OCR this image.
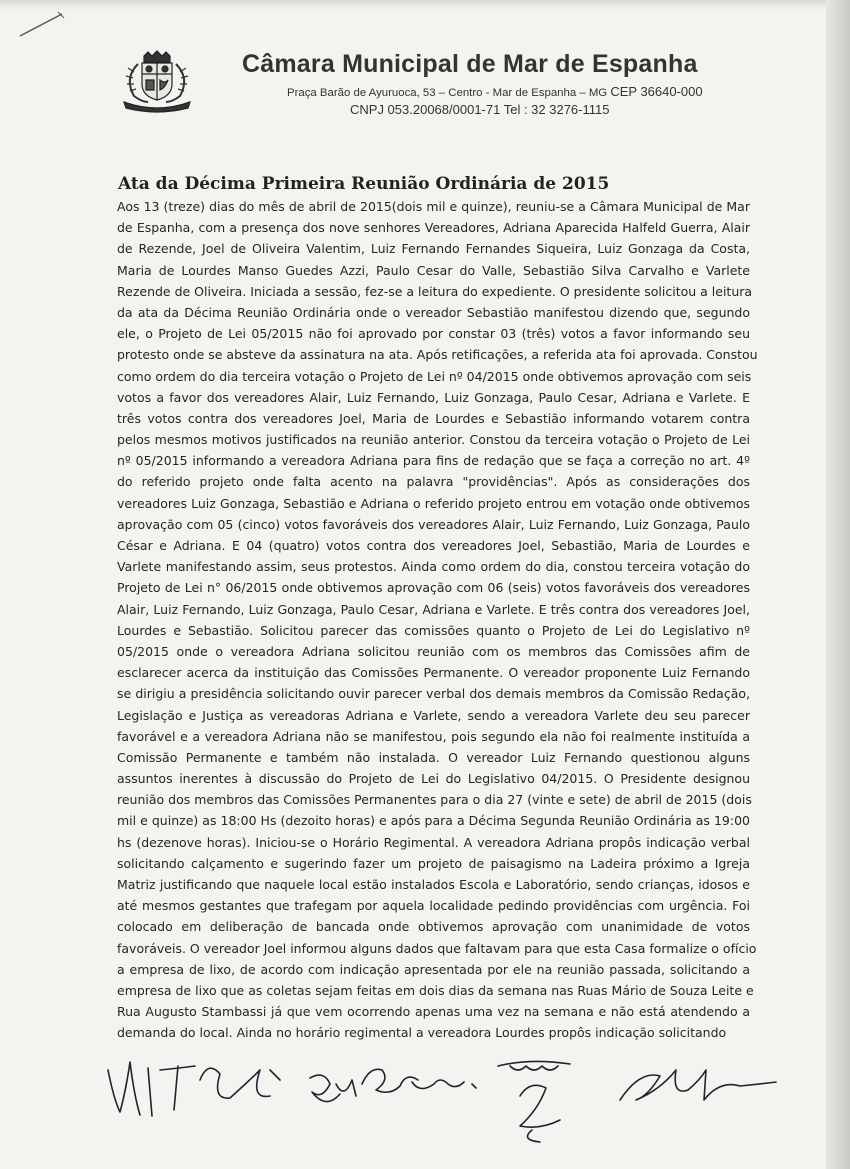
Câmara Municipal de Mar de Espanha
Praça Barão de Ayuruoca, 53 – Centro - Mar de Espanha – MG CEP 36640-000
CNPJ 053.20068/0001-71 Tel : 32 3276-1115
Ata da Décima Primeira Reunião Ordinária de 2015
Aos 13 (treze) dias do mês de abril de 2015(dois mil e quinze), reuniu-se a Câmara Municipal de Mar
de Espanha, com a presença dos nove senhores Vereadores, Adriana Aparecida Halfeld Guerra, Alair
de Rezende, Joel de Oliveira Valentim, Luiz Fernando Fernandes Siqueira, Luiz Gonzaga da Costa,
Maria de Lourdes Manso Guedes Azzi, Paulo Cesar do Valle, Sebastião Silva Carvalho e Varlete
Rezende de Oliveira. Iniciada a sessão, fez-se a leitura do expediente. O presidente solicitou a leitura
da ata da Décima Reunião Ordinária onde o vereador Sebastião manifestou dizendo que, segundo
ele, o Projeto de Lei 05/2015 não foi aprovado por constar 03 (três) votos a favor informando seu
protesto onde se absteve da assinatura na ata. Após retificações, a referida ata foi aprovada. Constou
como ordem do dia terceira votação o Projeto de Lei nº 04/2015 onde obtivemos aprovação com seis
votos a favor dos vereadores Alair, Luiz Fernando, Luiz Gonzaga, Paulo Cesar, Adriana e Varlete. E
três votos contra dos vereadores Joel, Maria de Lourdes e Sebastião informando votarem contra
pelos mesmos motivos justificados na reunião anterior. Constou da terceira votação o Projeto de Lei
nº 05/2015 informando a vereadora Adriana para fins de redação que se faça a correção no art. 4º
do referido projeto onde falta acento na palavra "providências". Após as considerações dos
vereadores Luiz Gonzaga, Sebastião e Adriana o referido projeto entrou em votação onde obtivemos
aprovação com 05 (cinco) votos favoráveis dos vereadores Alair, Luiz Fernando, Luiz Gonzaga, Paulo
César e Adriana. E 04 (quatro) votos contra dos vereadores Joel, Sebastião, Maria de Lourdes e
Varlete manifestando assim, seus protestos. Ainda como ordem do dia, constou terceira votação do
Projeto de Lei n° 06/2015 onde obtivemos aprovação com 06 (seis) votos favoráveis dos vereadores
Alair, Luiz Fernando, Luiz Gonzaga, Paulo Cesar, Adriana e Varlete. E três contra dos vereadores Joel,
Lourdes e Sebastião. Solicitou parecer das comissões quanto o Projeto de Lei do Legislativo nº
05/2015 onde o vereadora Adriana solicitou reunião com os membros das Comissões afim de
esclarecer acerca da instituição das Comissões Permanente. O vereador proponente Luiz Fernando
se dirigiu a presidência solicitando ouvir parecer verbal dos demais membros da Comissão Redação,
Legislação e Justiça as vereadoras Adriana e Varlete, sendo a vereadora Varlete deu seu parecer
favorável e a vereadora Adriana não se manifestou, pois segundo ela não foi realmente instituída a
Comissão Permanente e também não instalada. O vereador Luiz Fernando questionou alguns
assuntos inerentes à discussão do Projeto de Lei do Legislativo 04/2015. O Presidente designou
reunião dos membros das Comissões Permanentes para o dia 27 (vinte e sete) de abril de 2015 (dois
mil e quinze) as 18:00 Hs (dezoito horas) e após para a Décima Segunda Reunião Ordinária as 19:00
hs (dezenove horas). Iniciou-se o Horário Regimental. A vereadora Adriana propôs indicação verbal
solicitando calçamento e sugerindo fazer um projeto de paisagismo na Ladeira próximo a Igreja
Matriz justificando que naquele local estão instalados Escola e Laboratório, sendo crianças, idosos e
até mesmos gestantes que trafegam por aquela localidade pedindo providências com urgência. Foi
colocado em deliberação de bancada onde obtivemos aprovação com unanimidade de votos
favoráveis. O vereador Joel informou alguns dados que faltavam para que esta Casa formalize o ofício
a empresa de lixo, de acordo com indicação apresentada por ele na reunião passada, solicitando a
empresa de lixo que as coletas sejam feitas em dois dias da semana nas Ruas Mário de Souza Leite e
Rua Augusto Stambassi já que vem ocorrendo apenas uma vez na semana e não está atendendo a
demanda do local. Ainda no horário regimental a vereadora Lourdes propôs indicação solicitando
